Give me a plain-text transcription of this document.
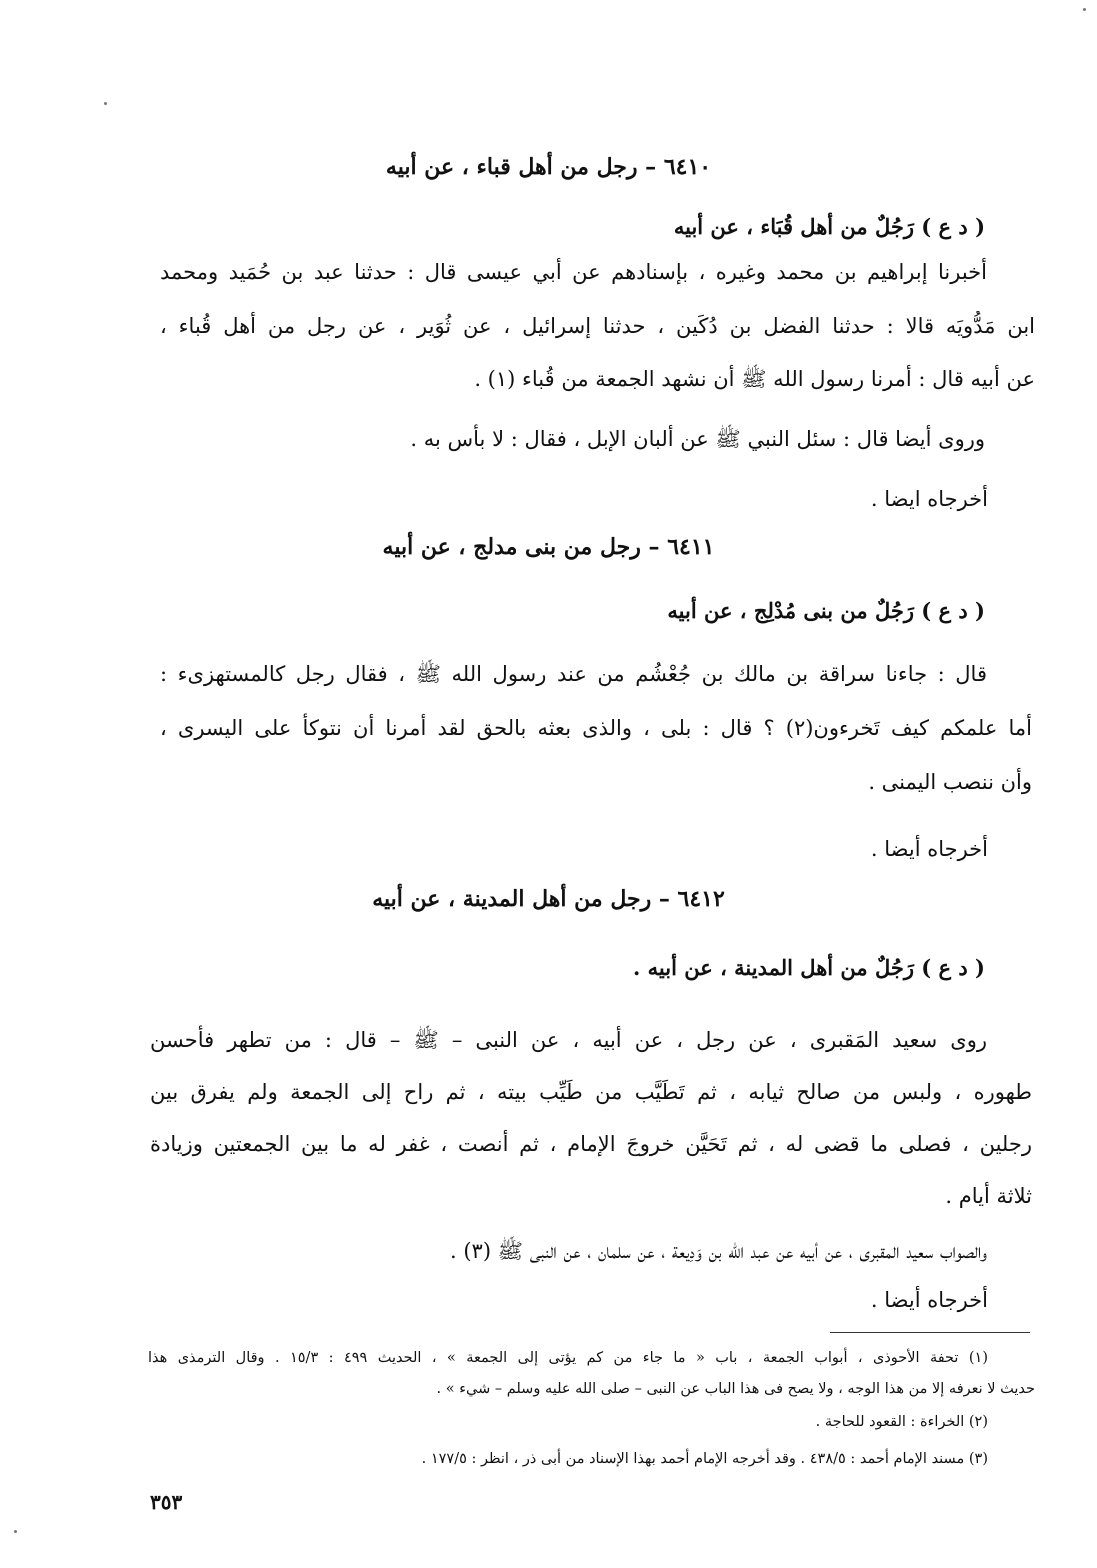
٦٤١٠ – رجل من أهل قباء ، عن أبيه
( د ع ) رَجُلٌ من أهل قُبَاء ، عن أبيه
أخبرنا إبراهيم بن محمد وغيره ، بإسنادهم عن أبي عيسى قال : حدثنا عبد بن حُمَيد ومحمد
ابن مَدُّويَه قالا : حدثنا الفضل بن دُكَين ، حدثنا إسرائيل ، عن ثُوَير ، عن رجل من أهل قُباء ،
عن أبيه قال : أمرنا رسول الله ﷺ أن نشهد الجمعة من قُباء (١) .
وروى أيضا قال : سئل النبي ﷺ عن ألبان الإبل ، فقال : لا بأس به .
أخرجاه ايضا .
٦٤١١ – رجل من بنى مدلج ، عن أبيه
( د ع ) رَجُلٌ من بنى مُدْلِج ، عن أبيه
قال : جاءنا سراقة بن مالك بن جُعْشُم من عند رسول الله ﷺ ، فقال رجل كالمستهزىء :
أما علمكم كيف تَخرءون(٢) ؟ قال : بلى ، والذى بعثه بالحق لقد أمرنا أن نتوكأ على اليسرى ،
وأن ننصب اليمنى .
أخرجاه أيضا .
٦٤١٢ – رجل من أهل المدينة ، عن أبيه
( د ع ) رَجُلٌ من أهل المدينة ، عن أبيه .
روى سعيد المَقبرى ، عن رجل ، عن أبيه ، عن النبى – ﷺ – قال : من تطهر فأحسن
طهوره ، ولبس من صالح ثيابه ، ثم تَطَيَّب من طَيِّب بيته ، ثم راح إلى الجمعة ولم يفرق بين
رجلين ، فصلى ما قضى له ، ثم تَحَيَّن خروجَ الإمام ، ثم أنصت ، غفر له ما بين الجمعتين وزيادة
ثلاثة أيام .
والصواب سعيد المقبرى ، عن أبيه عن عبد الله بن وَدِيعة ، عن سلمان ، عن النبى ﷺ (٣) .
أخرجاه أيضا .
(١) تحفة الأحوذى ، أبواب الجمعة ، باب « ما جاء من كم يؤتى إلى الجمعة » ، الحديث ٤٩٩ : ١٥/٣ . وقال الترمذى هذا
حديث لا نعرفه إلا من هذا الوجه ، ولا يصح فى هذا الباب عن النبى – صلى الله عليه وسلم – شيء » .
(٢) الخراءة : القعود للحاجة .
(٣) مسند الإمام أحمد : ٤٣٨/٥ . وقد أخرجه الإمام أحمد بهذا الإسناد من أبى ذر ، انظر : ١٧٧/٥ .
٣٥٣
